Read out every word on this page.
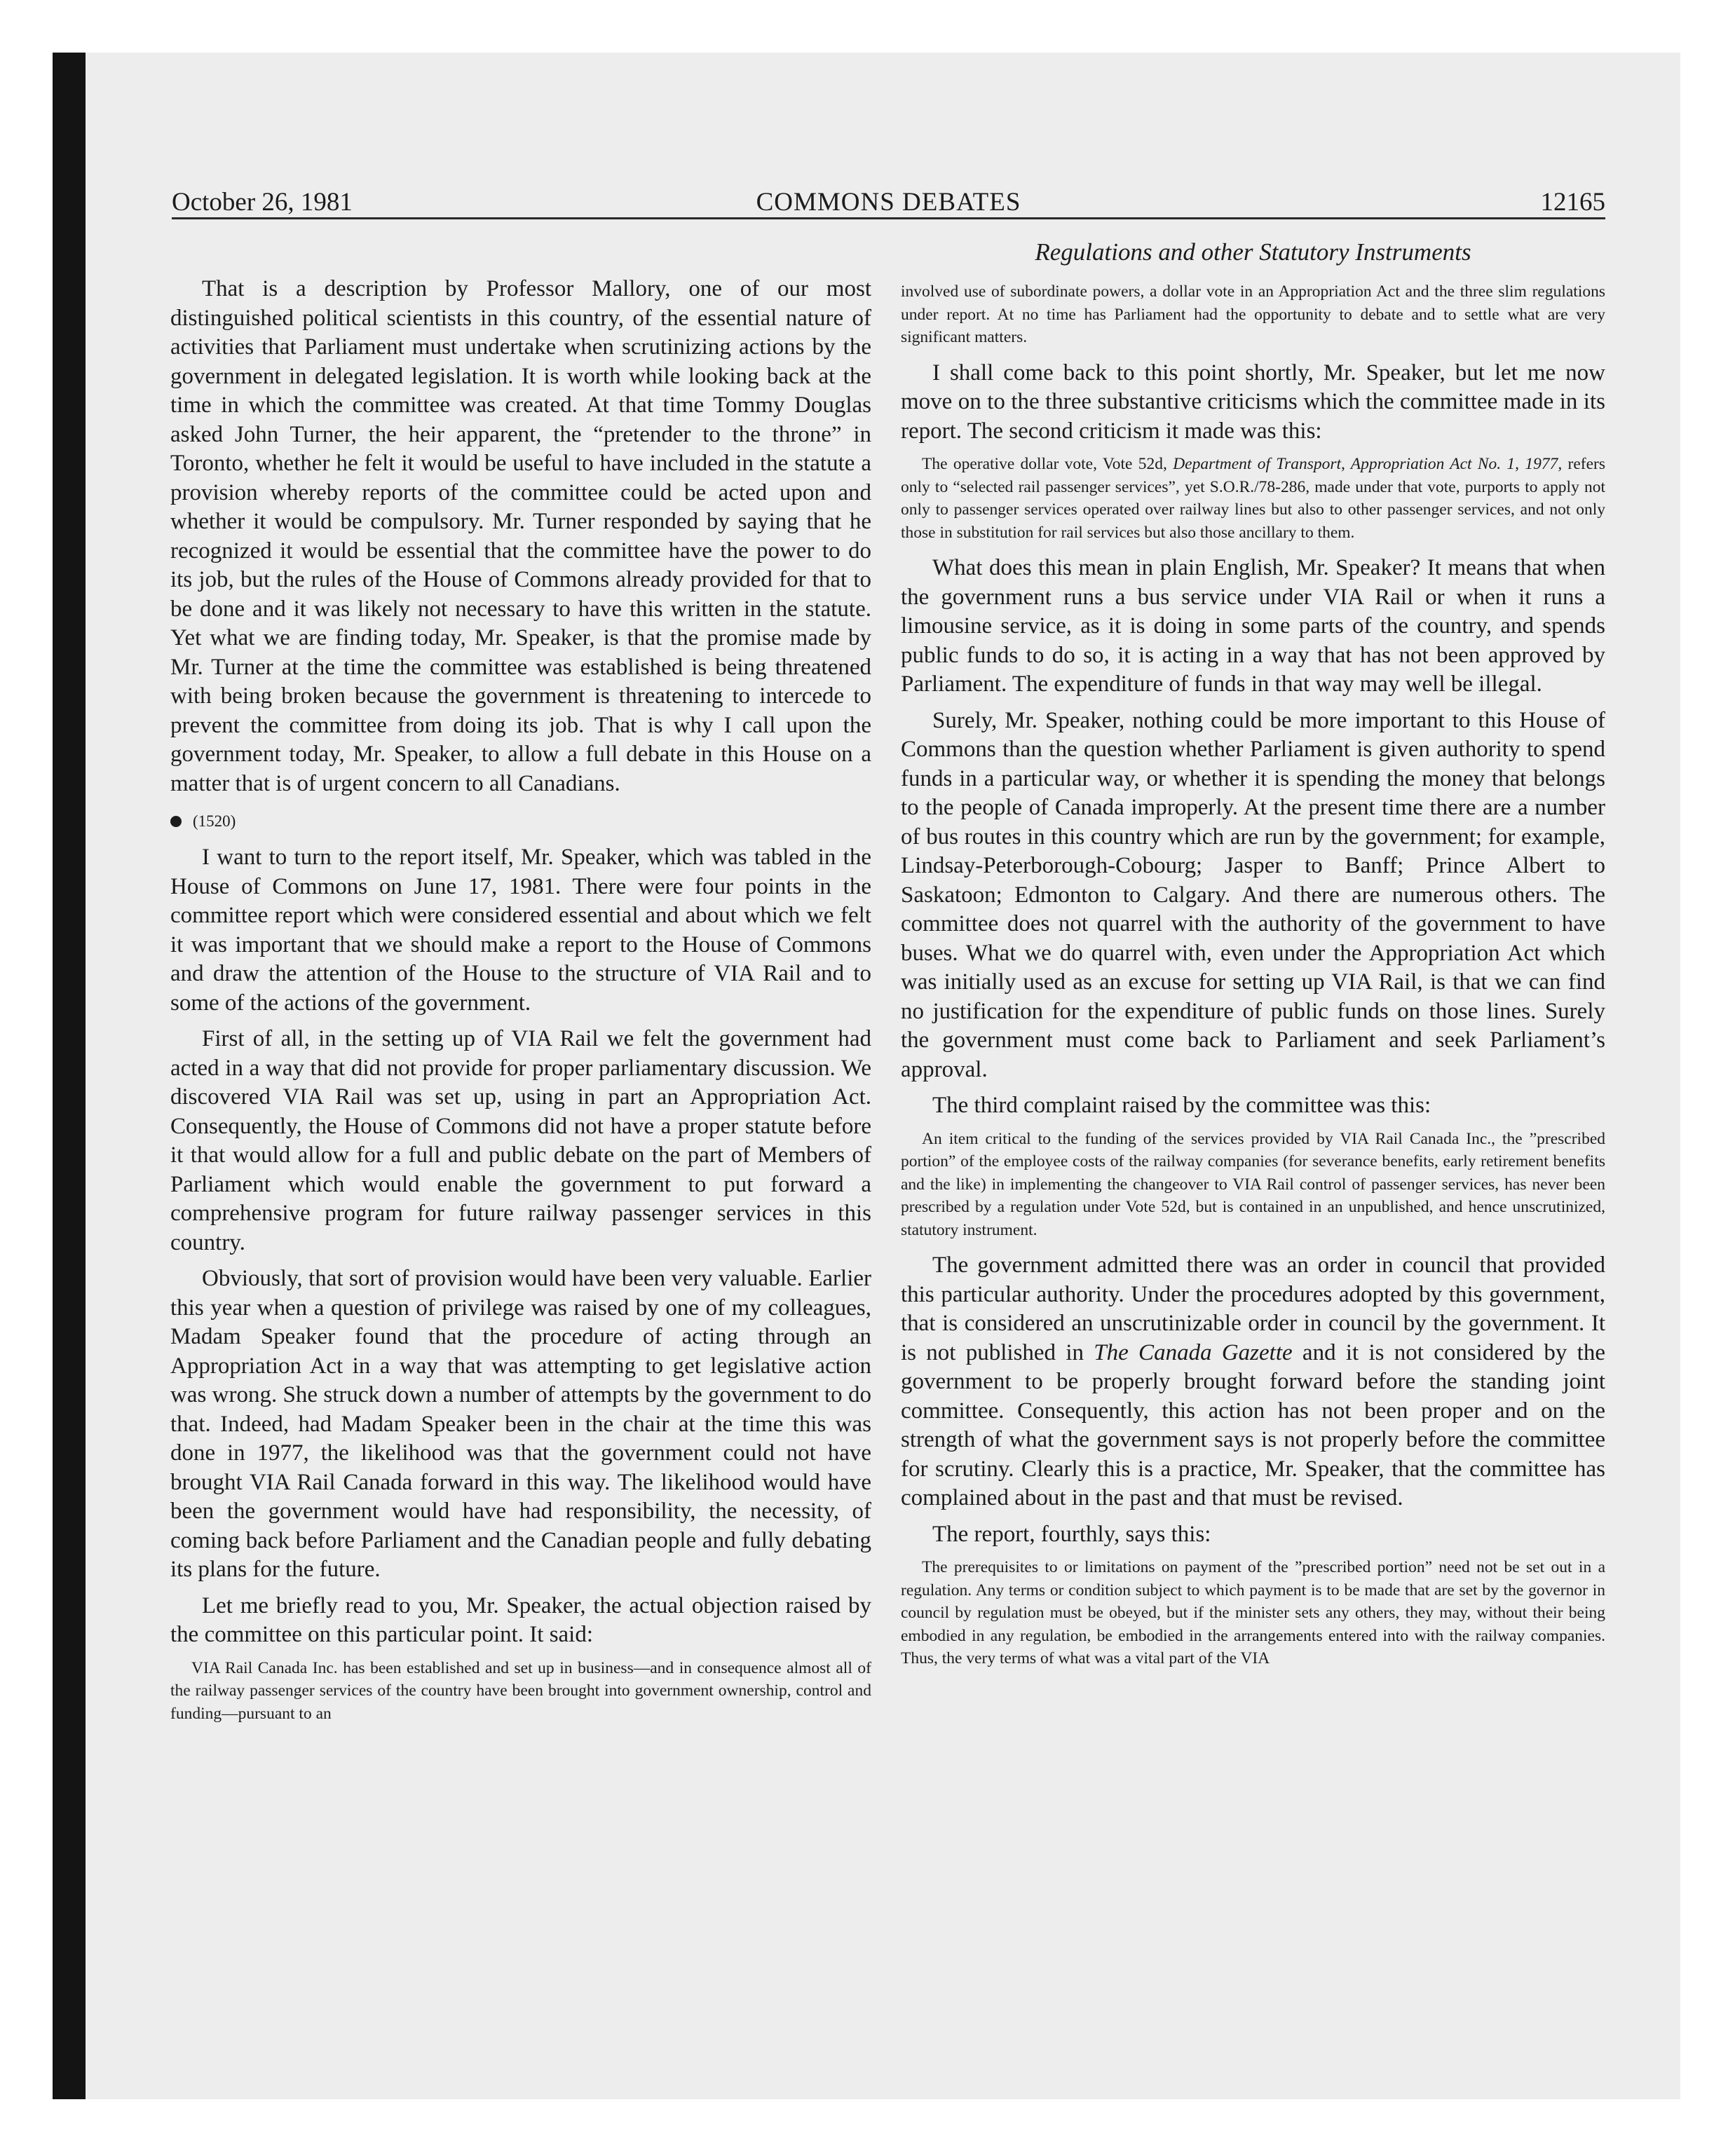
October 26, 1981	COMMONS DEBATES	12165
Regulations and other Statutory Instruments

That is a description by Professor Mallory, one of our most distinguished political scientists in this country, of the essential nature of activities that Parliament must undertake when scrutinizing actions by the government in delegated legislation. It is worth while looking back at the time in which the committee was created. At that time Tommy Douglas asked John Turner, the heir apparent, the “pretender to the throne” in Toronto, whether he felt it would be useful to have included in the statute a provision whereby reports of the committee could be acted upon and whether it would be compulsory. Mr. Turner responded by saying that he recognized it would be essential that the committee have the power to do its job, but the rules of the House of Commons already provided for that to be done and it was likely not necessary to have this written in the statute. Yet what we are finding today, Mr. Speaker, is that the promise made by Mr. Turner at the time the committee was established is being threatened with being broken because the government is threatening to intercede to prevent the committee from doing its job. That is why I call upon the government today, Mr. Speaker, to allow a full debate in this House on a matter that is of urgent concern to all Canadians.

(1520)

I want to turn to the report itself, Mr. Speaker, which was tabled in the House of Commons on June 17, 1981. There were four points in the committee report which were considered essential and about which we felt it was important that we should make a report to the House of Commons and draw the attention of the House to the structure of VIA Rail and to some of the actions of the government.

First of all, in the setting up of VIA Rail we felt the government had acted in a way that did not provide for proper parliamentary discussion. We discovered VIA Rail was set up, using in part an Appropriation Act. Consequently, the House of Commons did not have a proper statute before it that would allow for a full and public debate on the part of Members of Parliament which would enable the government to put forward a comprehensive program for future railway passenger services in this country.

Obviously, that sort of provision would have been very valuable. Earlier this year when a question of privilege was raised by one of my colleagues, Madam Speaker found that the procedure of acting through an Appropriation Act in a way that was attempting to get legislative action was wrong. She struck down a number of attempts by the government to do that. Indeed, had Madam Speaker been in the chair at the time this was done in 1977, the likelihood was that the government could not have brought VIA Rail Canada forward in this way. The likelihood would have been the government would have had responsibility, the necessity, of coming back before Parliament and the Canadian people and fully debating its plans for the future.

Let me briefly read to you, Mr. Speaker, the actual objection raised by the committee on this particular point. It said:

VIA Rail Canada Inc. has been established and set up in business—and in consequence almost all of the railway passenger services of the country have been brought into government ownership, control and funding—pursuant to an

involved use of subordinate powers, a dollar vote in an Appropriation Act and the three slim regulations under report. At no time has Parliament had the opportunity to debate and to settle what are very significant matters.

I shall come back to this point shortly, Mr. Speaker, but let me now move on to the three substantive criticisms which the committee made in its report. The second criticism it made was this:

The operative dollar vote, Vote 52d, Department of Transport, Appropriation Act No. 1, 1977, refers only to “selected rail passenger services”, yet S.O.R./78-286, made under that vote, purports to apply not only to passenger services operated over railway lines but also to other passenger services, and not only those in substitution for rail services but also those ancillary to them.

What does this mean in plain English, Mr. Speaker? It means that when the government runs a bus service under VIA Rail or when it runs a limousine service, as it is doing in some parts of the country, and spends public funds to do so, it is acting in a way that has not been approved by Parliament. The expenditure of funds in that way may well be illegal.

Surely, Mr. Speaker, nothing could be more important to this House of Commons than the question whether Parliament is given authority to spend funds in a particular way, or whether it is spending the money that belongs to the people of Canada improperly. At the present time there are a number of bus routes in this country which are run by the government; for example, Lindsay-Peterborough-Cobourg; Jasper to Banff; Prince Albert to Saskatoon; Edmonton to Calgary. And there are numerous others. The committee does not quarrel with the authority of the government to have buses. What we do quarrel with, even under the Appropriation Act which was initially used as an excuse for setting up VIA Rail, is that we can find no justification for the expenditure of public funds on those lines. Surely the government must come back to Parliament and seek Parliament’s approval.

The third complaint raised by the committee was this:

An item critical to the funding of the services provided by VIA Rail Canada Inc., the ”prescribed portion” of the employee costs of the railway companies (for severance benefits, early retirement benefits and the like) in implementing the changeover to VIA Rail control of passenger services, has never been prescribed by a regulation under Vote 52d, but is contained in an unpublished, and hence unscrutinized, statutory instrument.

The government admitted there was an order in council that provided this particular authority. Under the procedures adopted by this government, that is considered an unscrutinizable order in council by the government. It is not published in The Canada Gazette and it is not considered by the government to be properly brought forward before the standing joint committee. Consequently, this action has not been proper and on the strength of what the government says is not properly before the committee for scrutiny. Clearly this is a practice, Mr. Speaker, that the committee has complained about in the past and that must be revised.

The report, fourthly, says this:

The prerequisites to or limitations on payment of the ”prescribed portion” need not be set out in a regulation. Any terms or condition subject to which payment is to be made that are set by the governor in council by regulation must be obeyed, but if the minister sets any others, they may, without their being embodied in any regulation, be embodied in the arrangements entered into with the railway companies. Thus, the very terms of what was a vital part of the VIA
